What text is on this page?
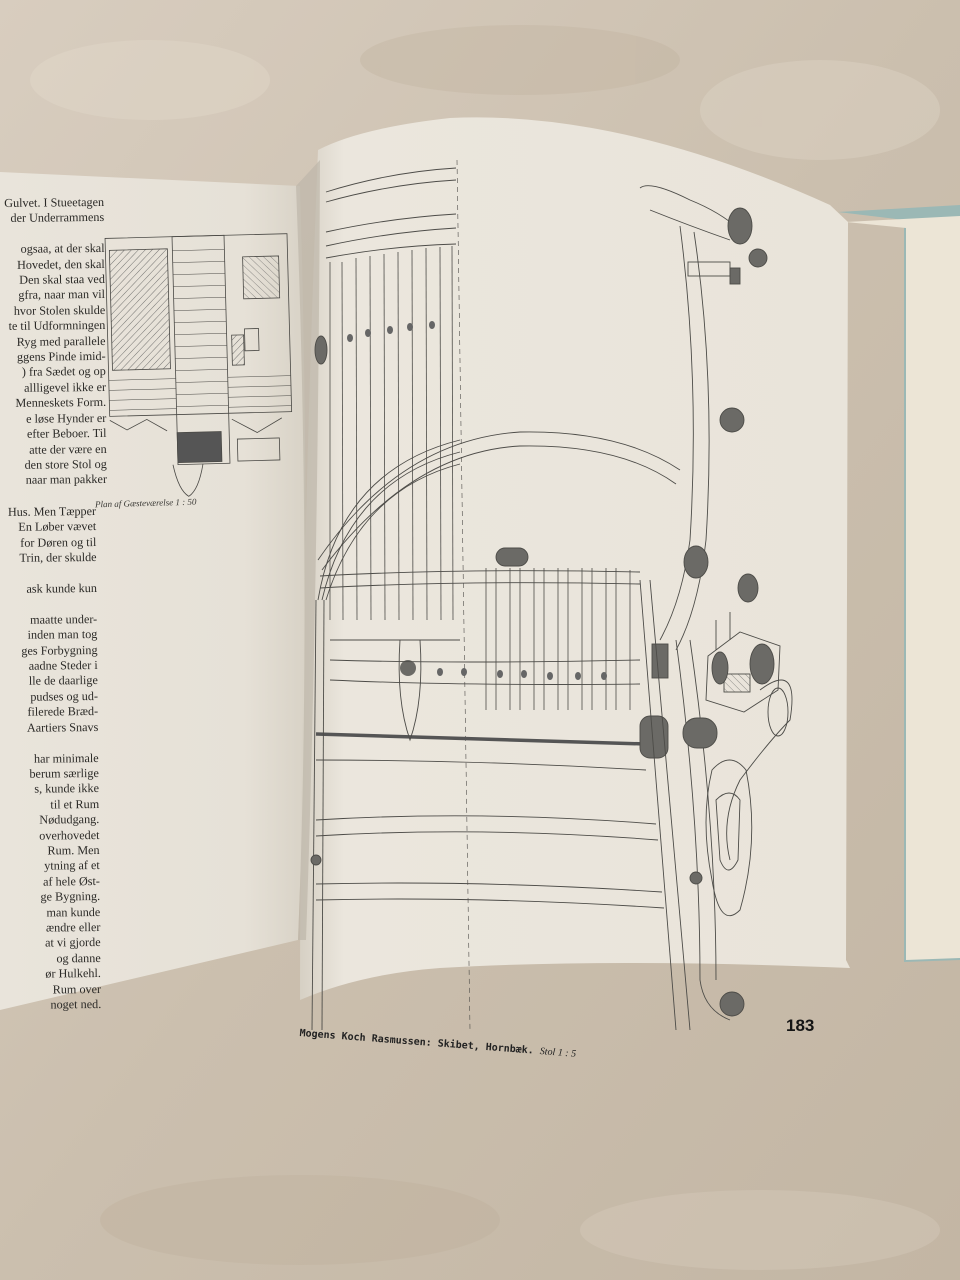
Gulvet. I Stueetagen
der Underrammens

ogsaa, at der skal
Hovedet, den skal
Den skal staa ved
gfra, naar man vil
hvor Stolen skulde
te til Udformningen
Ryg med parallele
ggens Pinde imid-
) fra Sædet og op
allligevel ikke er
Menneskets Form.
e løse Hynder er
efter Beboer. Til
atte der være en
den store Stol og
naar man pakker
Hus. Men Tæpper
En Løber vævet
for Døren og til
Trin, der skulde

ask kunde kun

maatte under-
inden man tog
ges Forbygning
aadne Steder i
lle de daarlige
pudses og ud-
filerede Bræd-
Aartiers Snavs

har minimale
berum særlige
s, kunde ikke
til et Rum
Nødudgang.
overhovedet
Rum. Men
ytning af et
af hele Øst-
ge Bygning.
man kunde
ændre eller
at vi gjorde
og danne
ør Hulkehl.
Rum over
noget ned.
Plan af Gæsteværelse 1 : 50
Mogens Koch Rasmussen: Skibet, Hornbæk. Stol 1 : 5
183
